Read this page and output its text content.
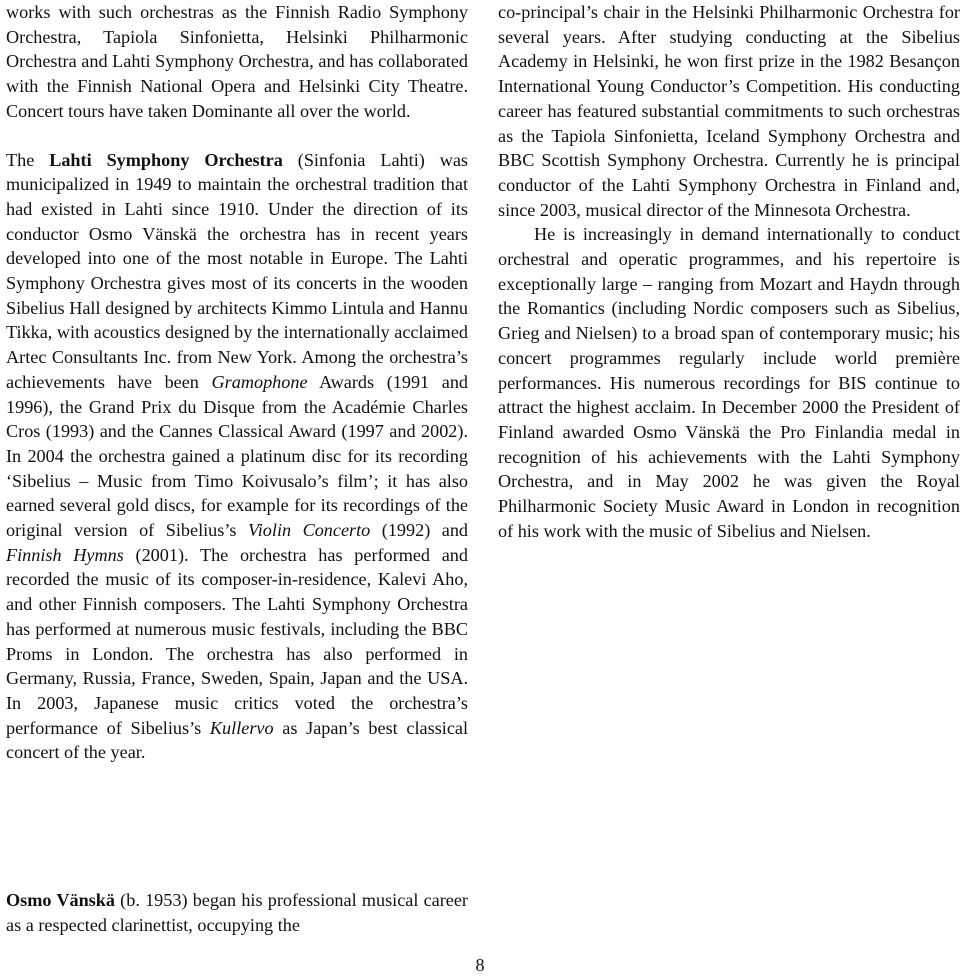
works with such orchestras as the Finnish Radio Symphony Orchestra, Tapiola Sinfonietta, Helsinki Philharmonic Orchestra and Lahti Symphony Orchestra, and has collaborated with the Finnish National Opera and Helsinki City Theatre. Concert tours have taken Dominante all over the world.

The Lahti Symphony Orchestra (Sinfonia Lahti) was municipalized in 1949 to maintain the orchestral tradition that had existed in Lahti since 1910. Under the direction of its conductor Osmo Vänskä the orchestra has in recent years developed into one of the most notable in Europe. The Lahti Symphony Orchestra gives most of its concerts in the wooden Sibelius Hall designed by architects Kimmo Lintula and Hannu Tikka, with acoustics designed by the internationally acclaimed Artec Consultants Inc. from New York. Among the orchestra’s achievements have been Gramophone Awards (1991 and 1996), the Grand Prix du Disque from the Académie Charles Cros (1993) and the Cannes Classical Award (1997 and 2002). In 2004 the orchestra gained a platinum disc for its recording ‘Sibelius – Music from Timo Koivusalo’s film’; it has also earned several gold discs, for example for its recordings of the original version of Sibelius’s Violin Concerto (1992) and Finnish Hymns (2001). The orchestra has performed and recorded the music of its composer-in-residence, Kalevi Aho, and other Finnish composers. The Lahti Symphony Orchestra has performed at numerous music festivals, including the BBC Proms in London. The orchestra has also performed in Germany, Russia, France, Sweden, Spain, Japan and the USA. In 2003, Japanese music critics voted the orchestra’s performance of Sibelius’s Kullervo as Japan’s best classical concert of the year.

Osmo Vänskä (b. 1953) began his professional musical career as a respected clarinettist, occupying the

co-principal’s chair in the Helsinki Philharmonic Orchestra for several years. After studying conducting at the Sibelius Academy in Helsinki, he won first prize in the 1982 Besançon International Young Conductor’s Competition. His conducting career has featured substantial commitments to such orchestras as the Tapiola Sinfonietta, Iceland Symphony Orchestra and BBC Scottish Symphony Orchestra. Currently he is principal conductor of the Lahti Symphony Orchestra in Finland and, since 2003, musical director of the Minnesota Orchestra.

He is increasingly in demand internationally to conduct orchestral and operatic programmes, and his repertoire is exceptionally large – ranging from Mozart and Haydn through the Romantics (including Nordic composers such as Sibelius, Grieg and Nielsen) to a broad span of contemporary music; his concert programmes regularly include world première performances. His numerous recordings for BIS continue to attract the highest acclaim. In December 2000 the President of Finland awarded Osmo Vänskä the Pro Finlandia medal in recognition of his achievements with the Lahti Symphony Orchestra, and in May 2002 he was given the Royal Philharmonic Society Music Award in London in recognition of his work with the music of Sibelius and Nielsen.

8
